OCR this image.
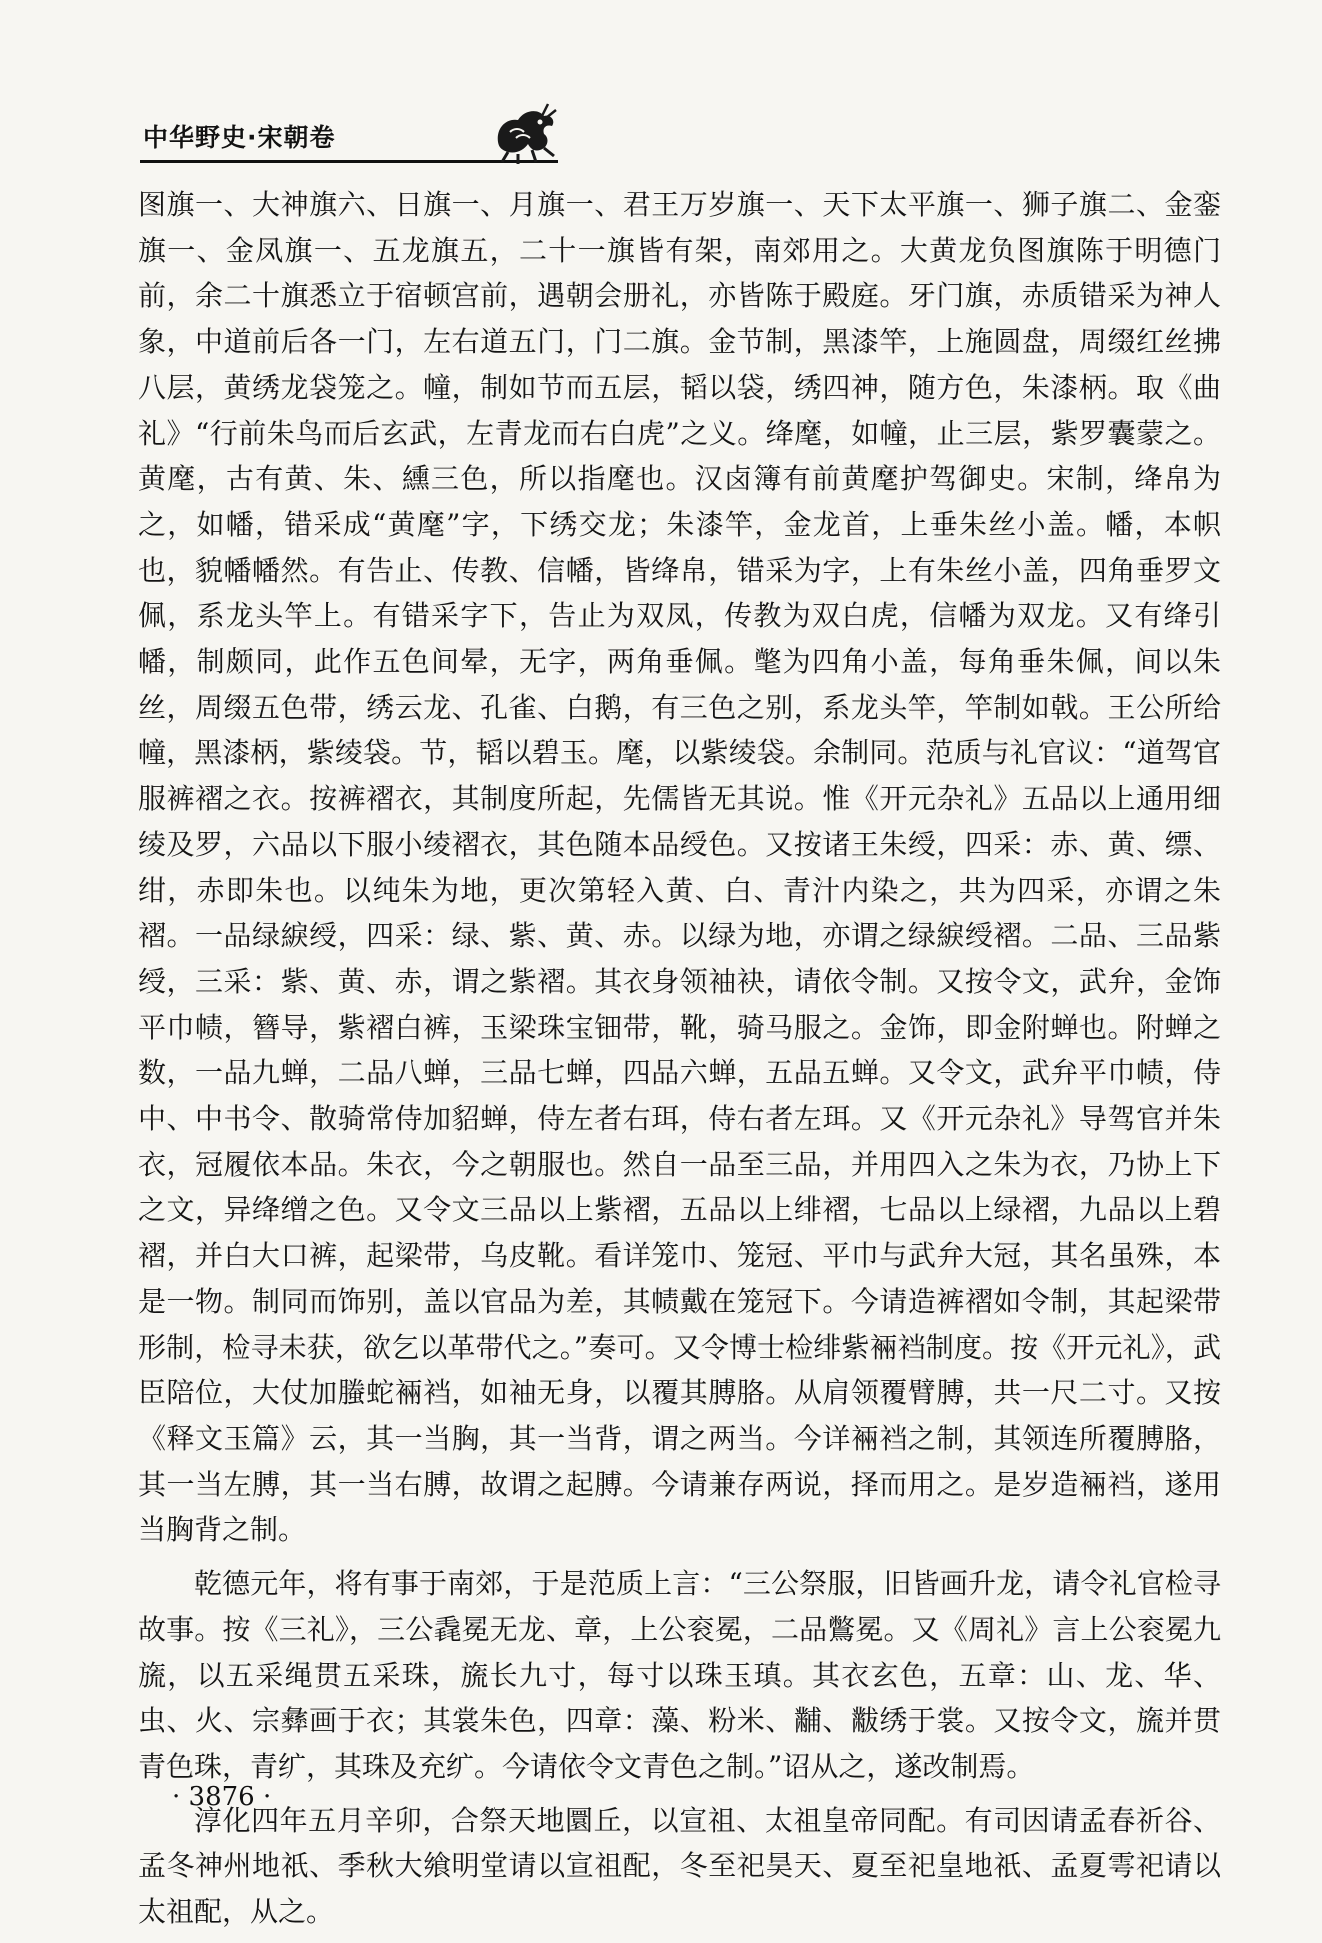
中华野史·宋朝卷

图旗一、大神旗六、日旗一、月旗一、君王万岁旗一、天下太平旗一、狮子旗二、金銮旗一、金凤旗一、五龙旗五，二十一旗皆有架，南郊用之。大黄龙负图旗陈于明德门前，余二十旗悉立于宿顿宫前，遇朝会册礼，亦皆陈于殿庭。牙门旗，赤质错采为神人象，中道前后各一门，左右道五门，门二旗。金节制，黑漆竿，上施圆盘，周缀红丝拂八层，黄绣龙袋笼之。幢，制如节而五层，韬以袋，绣四神，随方色，朱漆柄。取《曲礼》“行前朱鸟而后玄武，左青龙而右白虎”之义。绛麾，如幢，止三层，紫罗囊蒙之。黄麾，古有黄、朱、纁三色，所以指麾也。汉卤簿有前黄麾护驾御史。宋制，绛帛为之，如幡，错采成“黄麾”字，下绣交龙；朱漆竿，金龙首，上垂朱丝小盖。幡，本帜也，貌幡幡然。有告止、传教、信幡，皆绛帛，错采为字，上有朱丝小盖，四角垂罗文佩，系龙头竿上。有错采字下，告止为双凤，传教为双白虎，信幡为双龙。又有绛引幡，制颇同，此作五色间晕，无字，两角垂佩。氅为四角小盖，每角垂朱佩，间以朱丝，周缀五色带，绣云龙、孔雀、白鹅，有三色之别，系龙头竿，竿制如戟。王公所给幢，黑漆柄，紫绫袋。节，韬以碧玉。麾，以紫绫袋。余制同。范质与礼官议：“道驾官服裤褶之衣。按裤褶衣，其制度所起，先儒皆无其说。惟《开元杂礼》五品以上通用细绫及罗，六品以下服小绫褶衣，其色随本品绶色。又按诸王朱绶，四采：赤、黄、缥、绀，赤即朱也。以纯朱为地，更次第轻入黄、白、青汁内染之，共为四采，亦谓之朱褶。一品绿綟绶，四采：绿、紫、黄、赤。以绿为地，亦谓之绿綟绶褶。二品、三品紫绶，三采：紫、黄、赤，谓之紫褶。其衣身领袖袂，请依令制。又按令文，武弁，金饰平巾帻，簪导，紫褶白裤，玉梁珠宝钿带，靴，骑马服之。金饰，即金附蝉也。附蝉之数，一品九蝉，二品八蝉，三品七蝉，四品六蝉，五品五蝉。又令文，武弁平巾帻，侍中、中书令、散骑常侍加貂蝉，侍左者右珥，侍右者左珥。又《开元杂礼》导驾官并朱衣，冠履依本品。朱衣，今之朝服也。然自一品至三品，并用四入之朱为衣，乃协上下之文，异绛缯之色。又令文三品以上紫褶，五品以上绯褶，七品以上绿褶，九品以上碧褶，并白大口裤，起梁带，乌皮靴。看详笼巾、笼冠、平巾与武弁大冠，其名虽殊，本是一物。制同而饰别，盖以官品为差，其帻戴在笼冠下。今请造裤褶如令制，其起梁带形制，检寻未获，欲乞以革带代之。”奏可。又令博士检绯紫裲裆制度。按《开元礼》，武臣陪位，大仗加螣蛇裲裆，如袖无身，以覆其膊胳。从肩领覆臂膊，共一尺二寸。又按《释文玉篇》云，其一当胸，其一当背，谓之两当。今详裲裆之制，其领连所覆膊胳，其一当左膊，其一当右膊，故谓之起膊。今请兼存两说，择而用之。是岁造裲裆，遂用当胸背之制。

乾德元年，将有事于南郊，于是范质上言：“三公祭服，旧皆画升龙，请令礼官检寻故事。按《三礼》，三公毳冕无龙、章，上公衮冕，二品鷩冕。又《周礼》言上公衮冕九旒，以五采绳贯五采珠，旒长九寸，每寸以珠玉瑱。其衣玄色，五章：山、龙、华、虫、火、宗彝画于衣；其裳朱色，四章：藻、粉米、黼、黻绣于裳。又按令文，旒并贯青色珠，青纩，其珠及充纩。今请依令文青色之制。”诏从之，遂改制焉。

淳化四年五月辛卯，合祭天地圜丘，以宣祖、太祖皇帝同配。有司因请孟春祈谷、孟冬神州地祇、季秋大飨明堂请以宣祖配，冬至祀昊天、夏至祀皇地祇、孟夏雩祀请以太祖配，从之。

· 3876 ·
